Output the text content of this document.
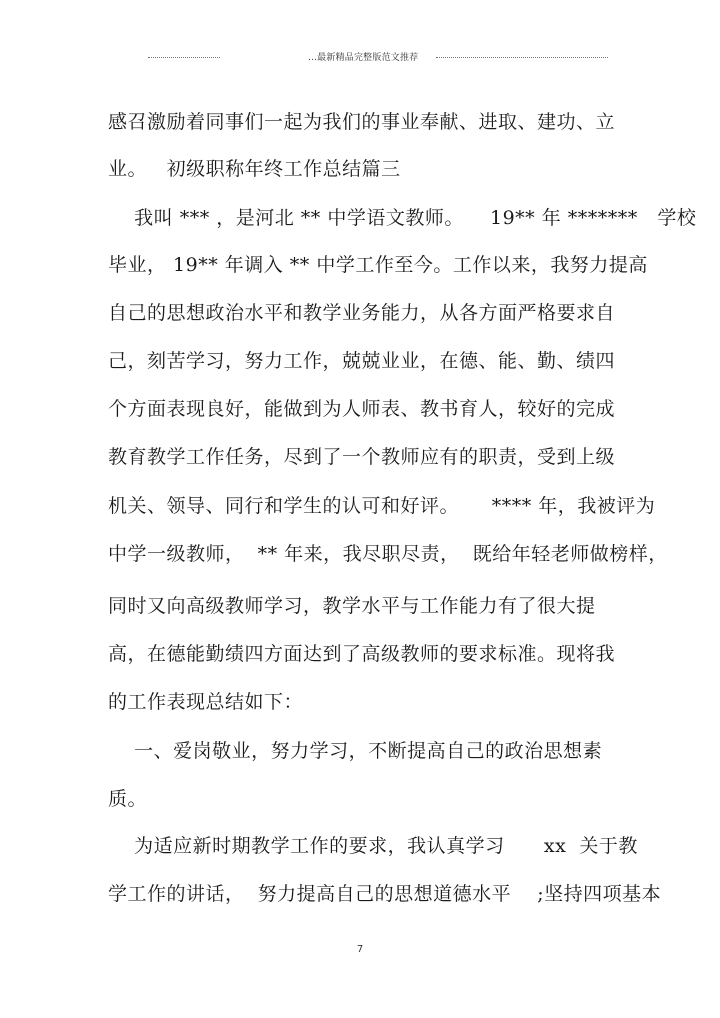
...最新精品完整版范文推荐
感召激励着同事们一起为我们的事业奉献、进取、建功、立
业。   初级职称年终工作总结篇三
我叫 *** ，是河北 ** 中学语文教师。    19** 年 *******   学校
毕业， 19** 年调入 ** 中学工作至今。工作以来，我努力提高
自己的思想政治水平和教学业务能力，从各方面严格要求自
己，刻苦学习，努力工作，兢兢业业，在德、能、勤、绩四
个方面表现良好，能做到为人师表、教书育人，较好的完成
教育教学工作任务，尽到了一个教师应有的职责，受到上级
机关、领导、同行和学生的认可和好评。     **** 年，我被评为
中学一级教师，  ** 年来，我尽职尽责，  既给年轻老师做榜样，
同时又向高级教师学习，教学水平与工作能力有了很大提
高，在德能勤绩四方面达到了高级教师的要求标准。现将我
的工作表现总结如下：
一、爱岗敬业，努力学习，不断提高自己的政治思想素
质。
为适应新时期教学工作的要求，我认真学习      xx  关于教
学工作的讲话，  努力提高自己的思想道德水平    ;坚持四项基本
7
